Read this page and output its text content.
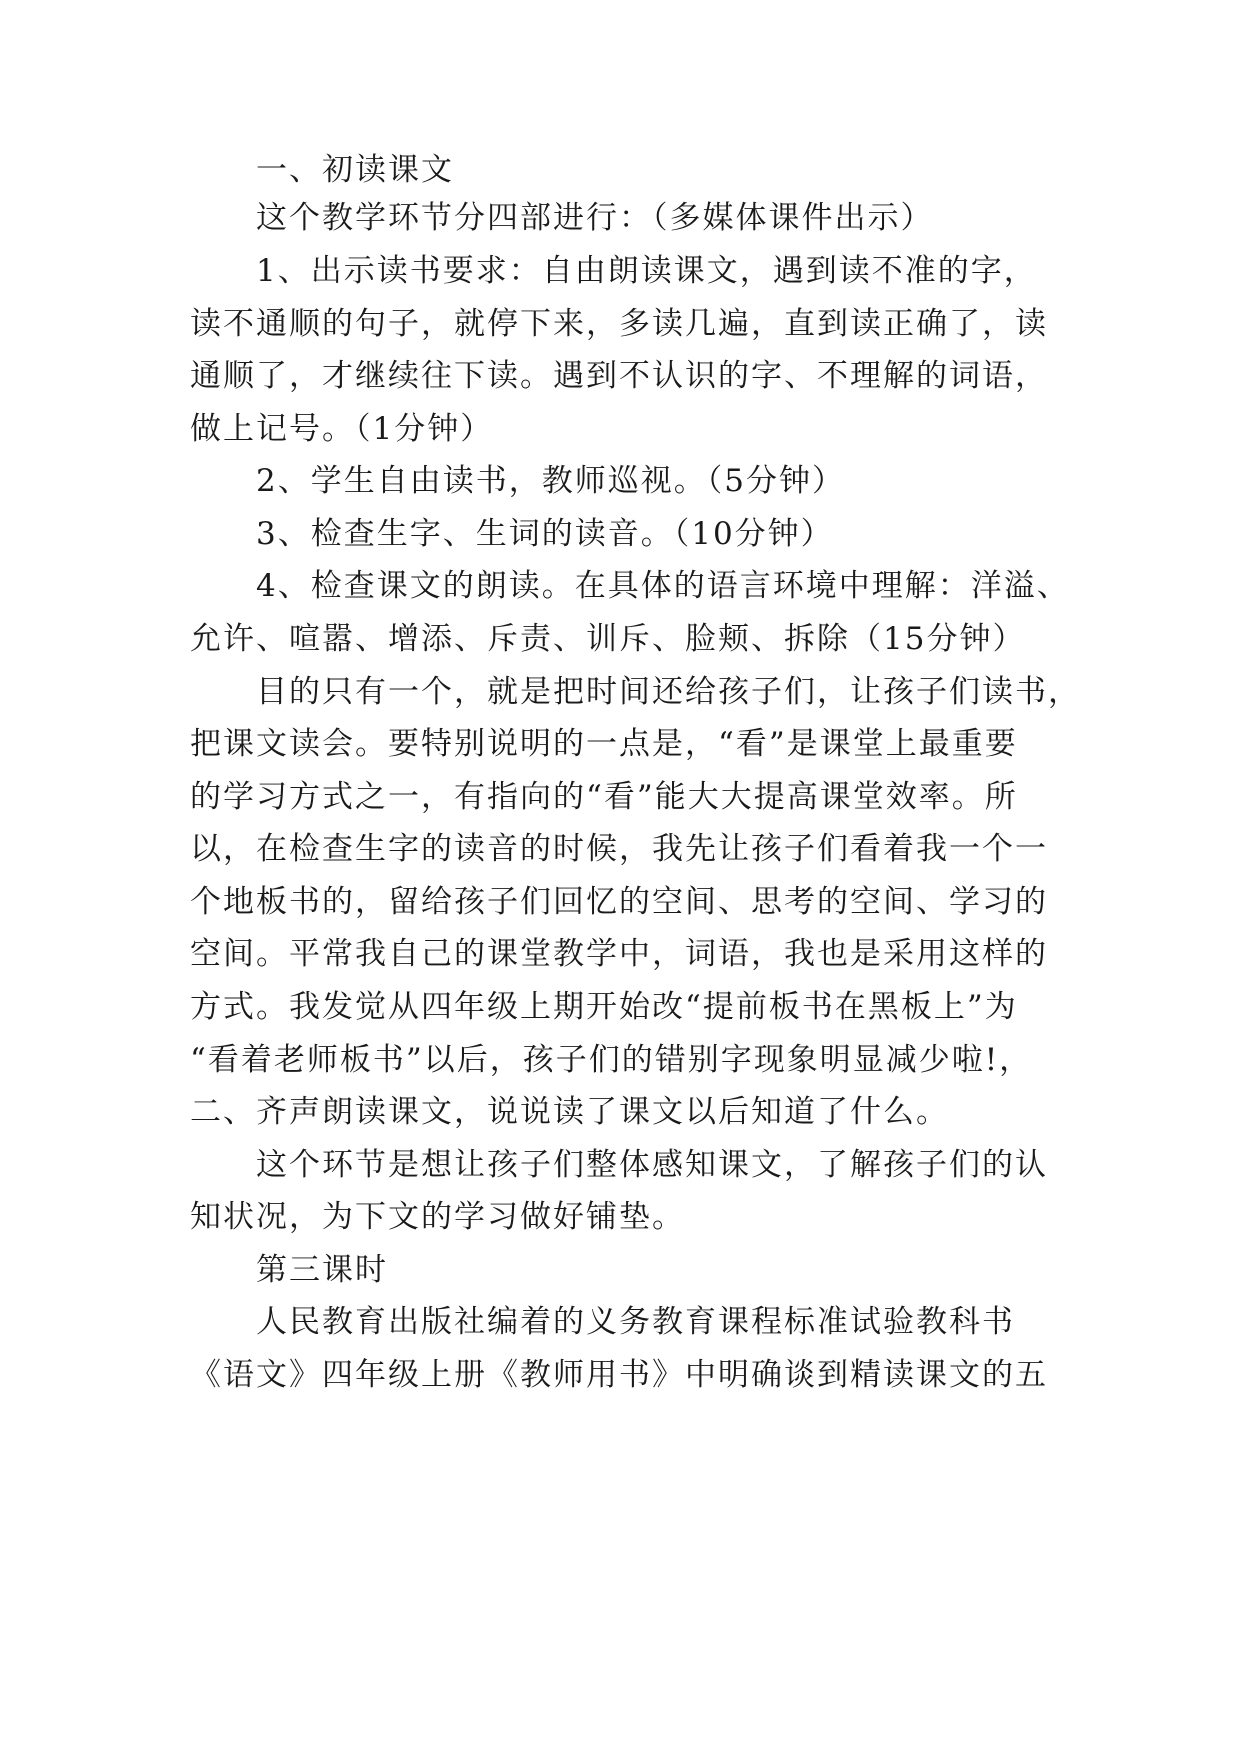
一、初读课文
这个教学环节分四部进行：（多媒体课件出示）
1、出示读书要求：自由朗读课文，遇到读不准的字，
读不通顺的句子，就停下来，多读几遍，直到读正确了，读
通顺了，才继续往下读。遇到不认识的字、不理解的词语，
做上记号。（1分钟）
2、学生自由读书，教师巡视。（5分钟）
3、检查生字、生词的读音。（10分钟）
4、检查课文的朗读。在具体的语言环境中理解：洋溢、
允许、喧嚣、增添、斥责、训斥、脸颊、拆除（15分钟）
目的只有一个，就是把时间还给孩子们，让孩子们读书，
把课文读会。要特别说明的一点是，“看”是课堂上最重要
的学习方式之一，有指向的“看”能大大提高课堂效率。所
以，在检查生字的读音的时候，我先让孩子们看着我一个一
个地板书的，留给孩子们回忆的空间、思考的空间、学习的
空间。平常我自己的课堂教学中，词语，我也是采用这样的
方式。我发觉从四年级上期开始改“提前板书在黑板上”为
“看着老师板书”以后，孩子们的错别字现象明显减少啦!，
二、齐声朗读课文，说说读了课文以后知道了什么。
这个环节是想让孩子们整体感知课文，了解孩子们的认
知状况，为下文的学习做好铺垫。
第三课时
人民教育出版社编着的义务教育课程标准试验教科书
《语文》四年级上册《教师用书》中明确谈到精读课文的五
